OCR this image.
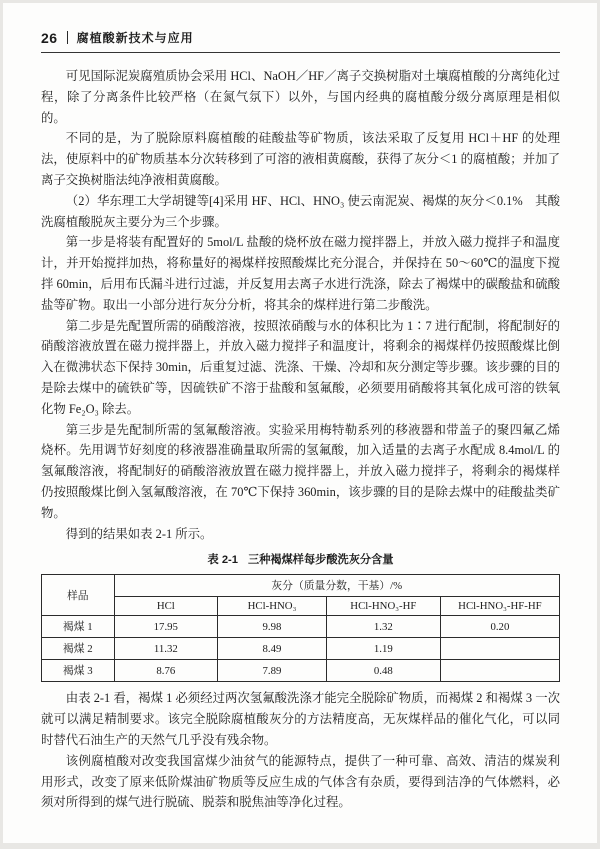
26 腐植酸新技术与应用

可见国际泥炭腐殖质协会采用 HCl、NaOH／HF／离子交换树脂对土壤腐植酸的分离纯化过程，除了分离条件比较严格（在氮气氛下）以外，与国内经典的腐植酸分级分离原理是相似的。

不同的是，为了脱除原料腐植酸的硅酸盐等矿物质，该法采取了反复用 HCl＋HF 的处理法，使原料中的矿物质基本分次转移到了可溶的液相黄腐酸，获得了灰分＜1 的腐植酸；并加了离子交换树脂法纯净液相黄腐酸。

（2）华东理工大学胡键等[4]采用 HF、HCl、HNO₃ 使云南泥炭、褐煤的灰分＜0.1%　其酸洗腐植酸脱灰主要分为三个步骤。

第一步是将装有配置好的 5mol/L 盐酸的烧杯放在磁力搅拌器上，并放入磁力搅拌子和温度计，并开始搅拌加热，将称量好的褐煤样按照酸煤比充分混合，并保持在 50～60℃的温度下搅拌 60min，后用布氏漏斗进行过滤，并反复用去离子水进行洗涤，除去了褐煤中的碳酸盐和硫酸盐等矿物。取出一小部分进行灰分分析，将其余的煤样进行第二步酸洗。

第二步是先配置所需的硝酸溶液，按照浓硝酸与水的体积比为 1∶7 进行配制，将配制好的硝酸溶液放置在磁力搅拌器上，并放入磁力搅拌子和温度计，将剩余的褐煤样仍按照酸煤比倒入在微沸状态下保持 30min，后重复过滤、洗涤、干燥、冷却和灰分测定等步骤。该步骤的目的是除去煤中的硫铁矿等，因硫铁矿不溶于盐酸和氢氟酸，必须要用硝酸将其氧化成可溶的铁氧化物 Fe₂O₃ 除去。

第三步是先配制所需的氢氟酸溶液。实验采用梅特勒系列的移液器和带盖子的聚四氟乙烯烧杯。先用调节好刻度的移液器准确量取所需的氢氟酸，加入适量的去离子水配成 8.4mol/L 的氢氟酸溶液，将配制好的硝酸溶液放置在磁力搅拌器上，并放入磁力搅拌子，将剩余的褐煤样仍按照酸煤比倒入氢氟酸溶液，在 70℃下保持 360min，该步骤的目的是除去煤中的硅酸盐类矿物。

得到的结果如表 2-1 所示。

表 2-1 三种褐煤样每步酸洗灰分含量
样品	灰分（质量分数，干基）/%			
	HCl	HCl-HNO₃	HCl-HNO₃-HF	HCl-HNO₃-HF-HF
褐煤 1	17.95	9.98	1.32	0.20
褐煤 2	11.32	8.49	1.19	
褐煤 3	8.76	7.89	0.48	

由表 2-1 看，褐煤 1 必须经过两次氢氟酸洗涤才能完全脱除矿物质，而褐煤 2 和褐煤 3 一次就可以满足精制要求。该完全脱除腐植酸灰分的方法精度高，无灰煤样品的催化气化，可以同时替代石油生产的天然气几乎没有残余物。

该例腐植酸对改变我国富煤少油贫气的能源特点，提供了一种可靠、高效、清洁的煤炭利用形式，改变了原来低阶煤油矿物质等反应生成的气体含有杂质，要得到洁净的气体燃料，必须对所得到的煤气进行脱硫、脱萘和脱焦油等净化过程。
